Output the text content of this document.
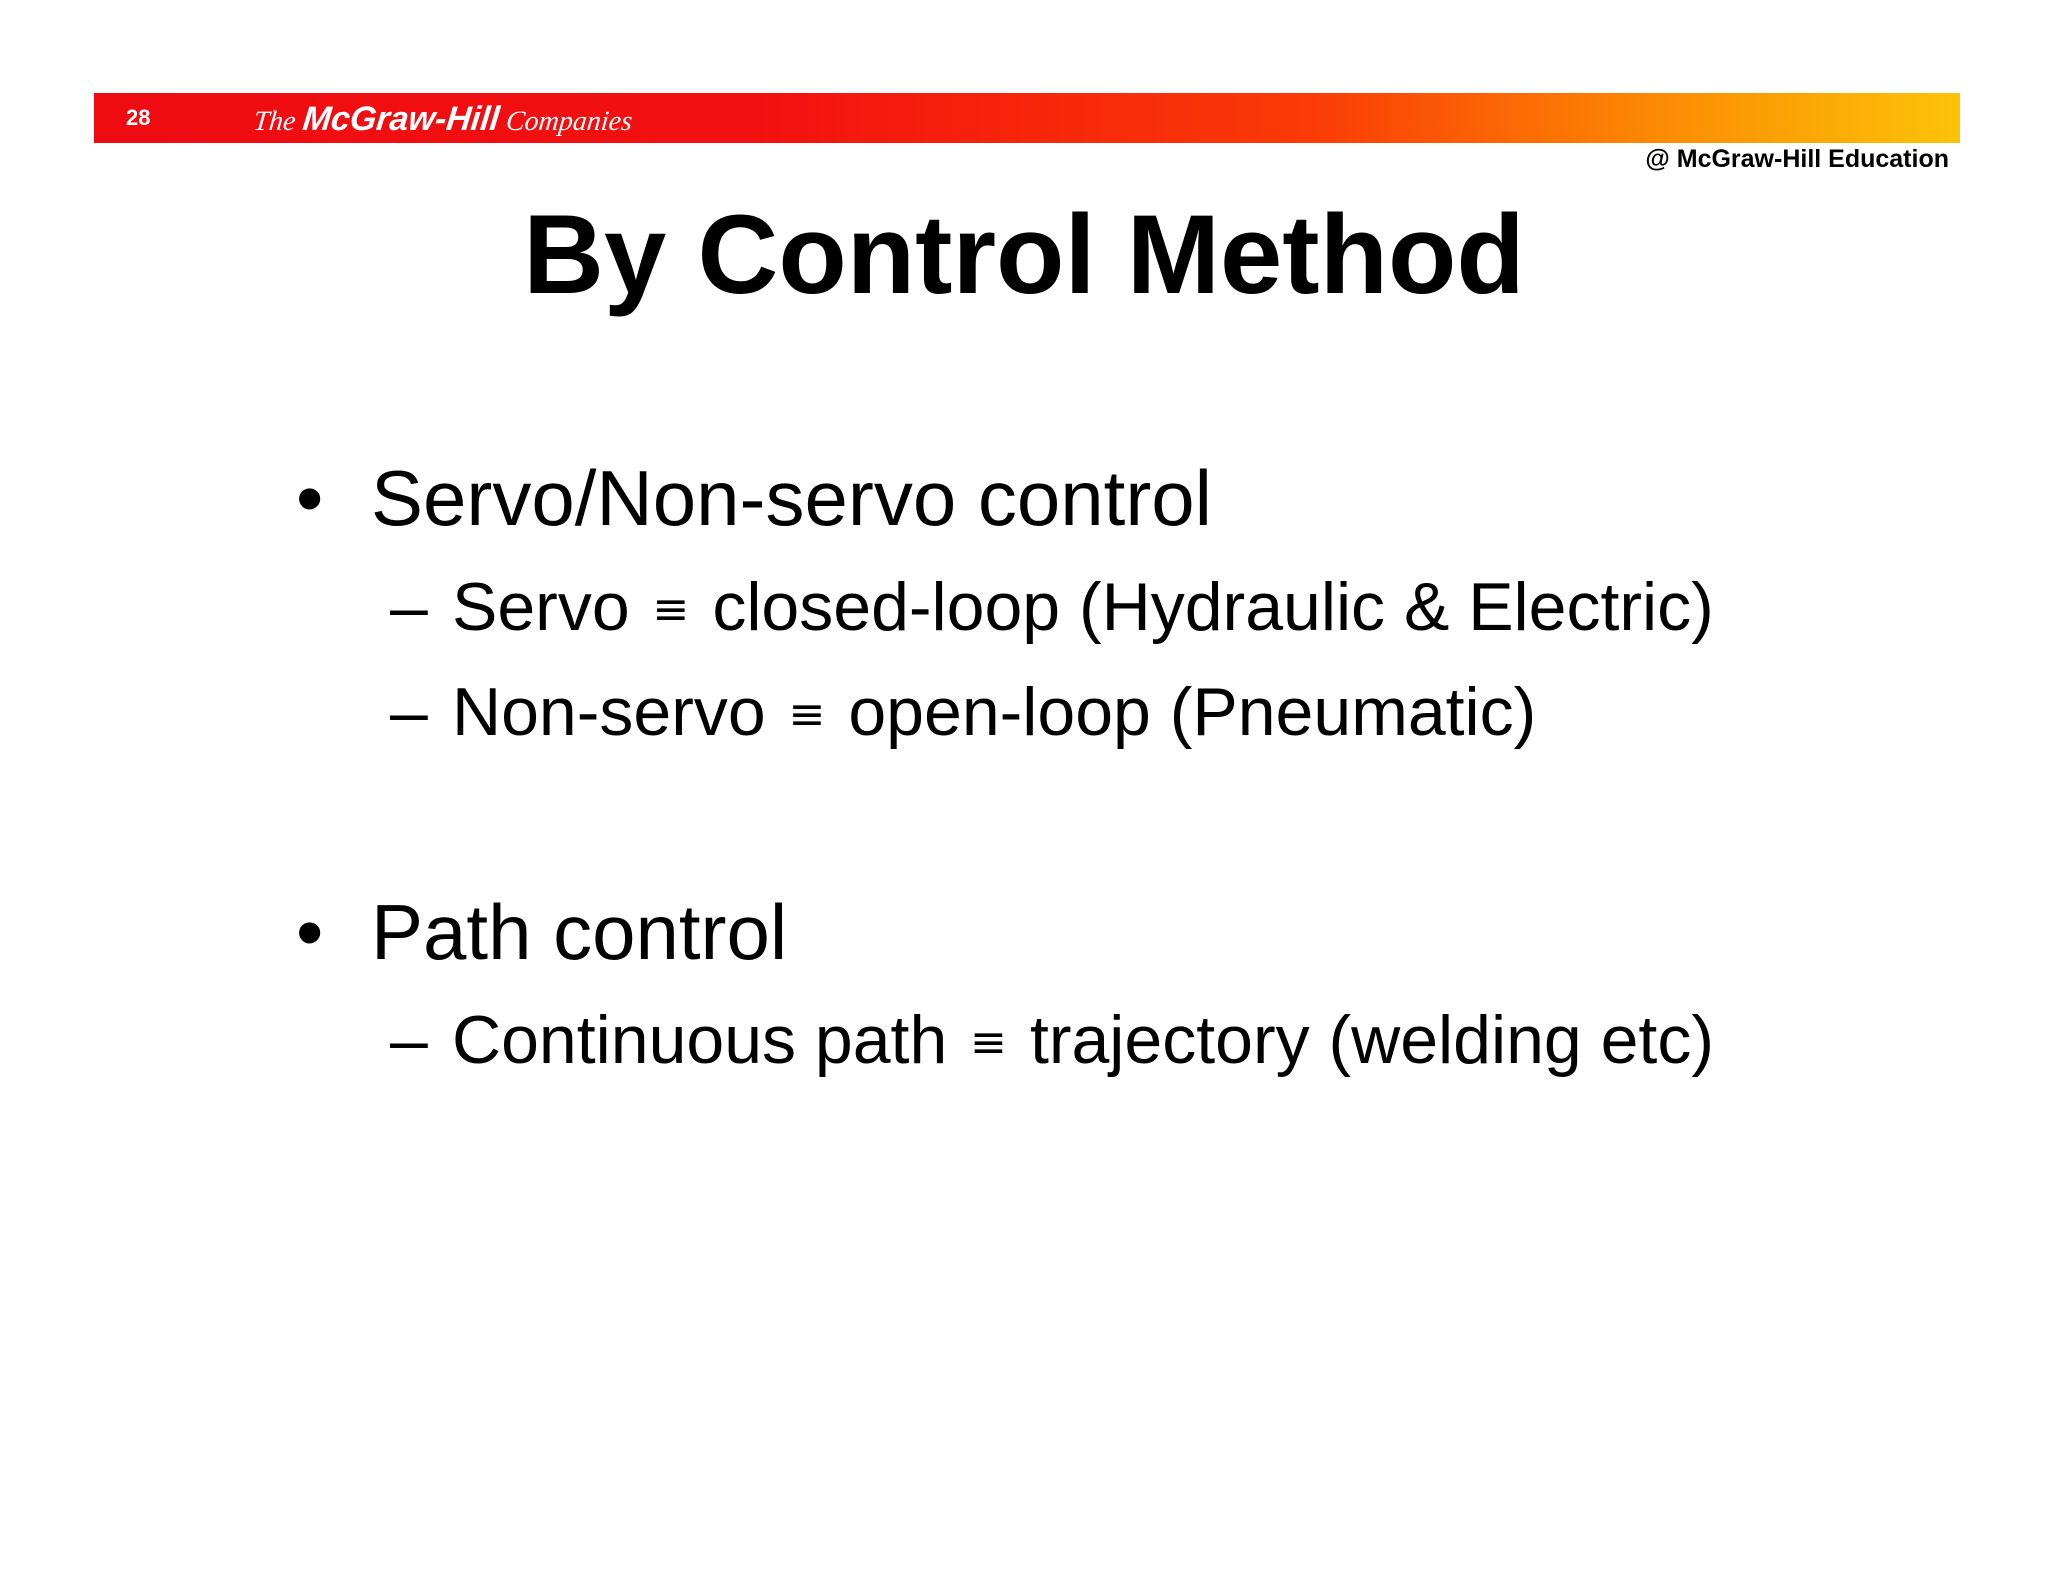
28	The McGraw-Hill Companies
@ McGraw-Hill Education
By Control Method
• Servo/Non-servo control
– Servo ≡ closed-loop (Hydraulic & Electric)
– Non-servo ≡ open-loop (Pneumatic)
• Path control
– Continuous path ≡ trajectory (welding etc)
